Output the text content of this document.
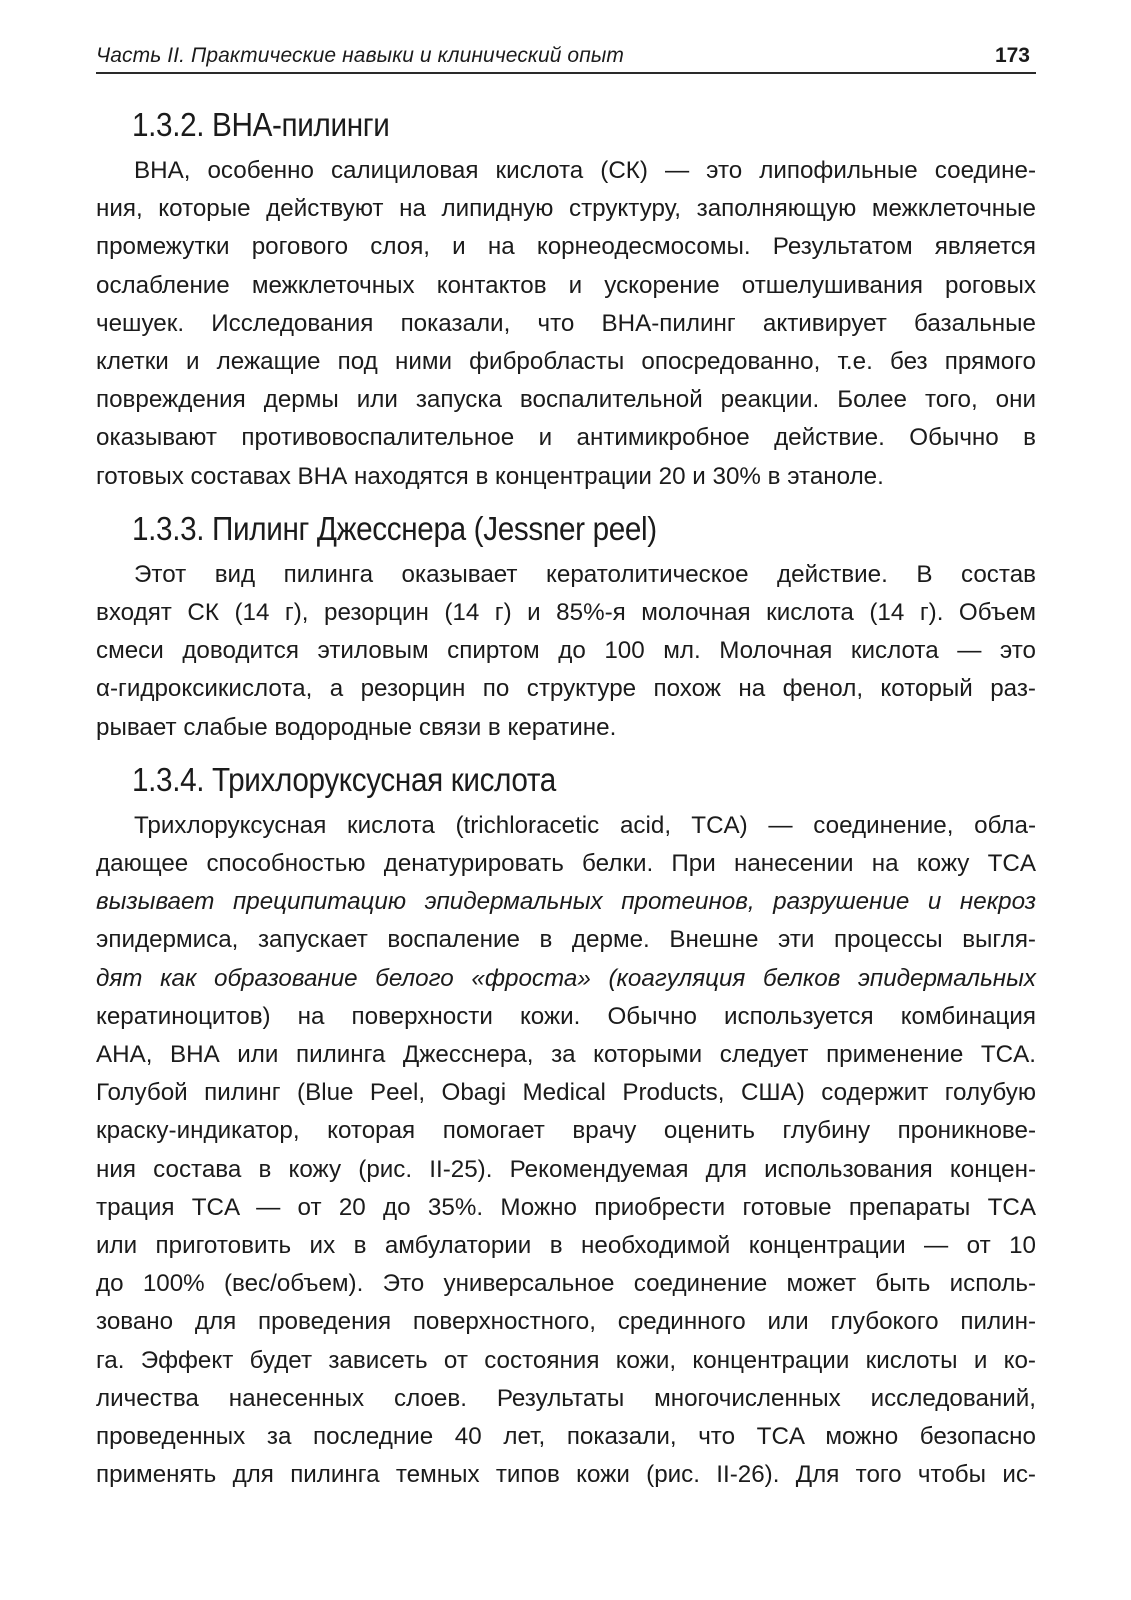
Часть II. Практические навыки и клинический опыт	173
1.3.2. ВНА-пилинги
ВНА, особенно салициловая кислота (СК) — это липофильные соедине-
ния, которые действуют на липидную структуру, заполняющую межклеточные
промежутки рогового слоя, и на корнеодесмосомы. Результатом является
ослабление межклеточных контактов и ускорение отшелушивания роговых
чешуек. Исследования показали, что ВНА-пилинг активирует базальные
клетки и лежащие под ними фибробласты опосредованно, т.е. без прямого
повреждения дермы или запуска воспалительной реакции. Более того, они
оказывают противовоспалительное и антимикробное действие. Обычно в
готовых составах ВНА находятся в концентрации 20 и 30% в этаноле.
1.3.3. Пилинг Джесснера (Jessner peel)
Этот вид пилинга оказывает кератолитическое действие. В состав
входят СК (14 г), резорцин (14 г) и 85%-я молочная кислота (14 г). Объем
смеси доводится этиловым спиртом до 100 мл. Молочная кислота — это
α-гидроксикислота, а резорцин по структуре похож на фенол, который раз-
рывает слабые водородные связи в кератине.
1.3.4. Трихлоруксусная кислота
Трихлоруксусная кислота (trichloracetic acid, TCA) — соединение, обла-
дающее способностью денатурировать белки. При нанесении на кожу TCA
вызывает преципитацию эпидермальных протеинов, разрушение и некроз
эпидермиса, запускает воспаление в дерме. Внешне эти процессы выгля-
дят как образование белого «фроста» (коагуляция белков эпидермальных
кератиноцитов) на поверхности кожи. Обычно используется комбинация
АНА, ВНА или пилинга Джесснера, за которыми следует применение TCA.
Голубой пилинг (Blue Peel, Obagi Medical Products, США) содержит голубую
краску-индикатор, которая помогает врачу оценить глубину проникнове-
ния состава в кожу (рис. II-25). Рекомендуемая для использования концен-
трация TCA — от 20 до 35%. Можно приобрести готовые препараты TCA
или приготовить их в амбулатории в необходимой концентрации — от 10
до 100% (вес/объем). Это универсальное соединение может быть исполь-
зовано для проведения поверхностного, срединного или глубокого пилин-
га. Эффект будет зависеть от состояния кожи, концентрации кислоты и ко-
личества нанесенных слоев. Результаты многочисленных исследований,
проведенных за последние 40 лет, показали, что TCA можно безопасно
применять для пилинга темных типов кожи (рис. II-26). Для того чтобы ис-
